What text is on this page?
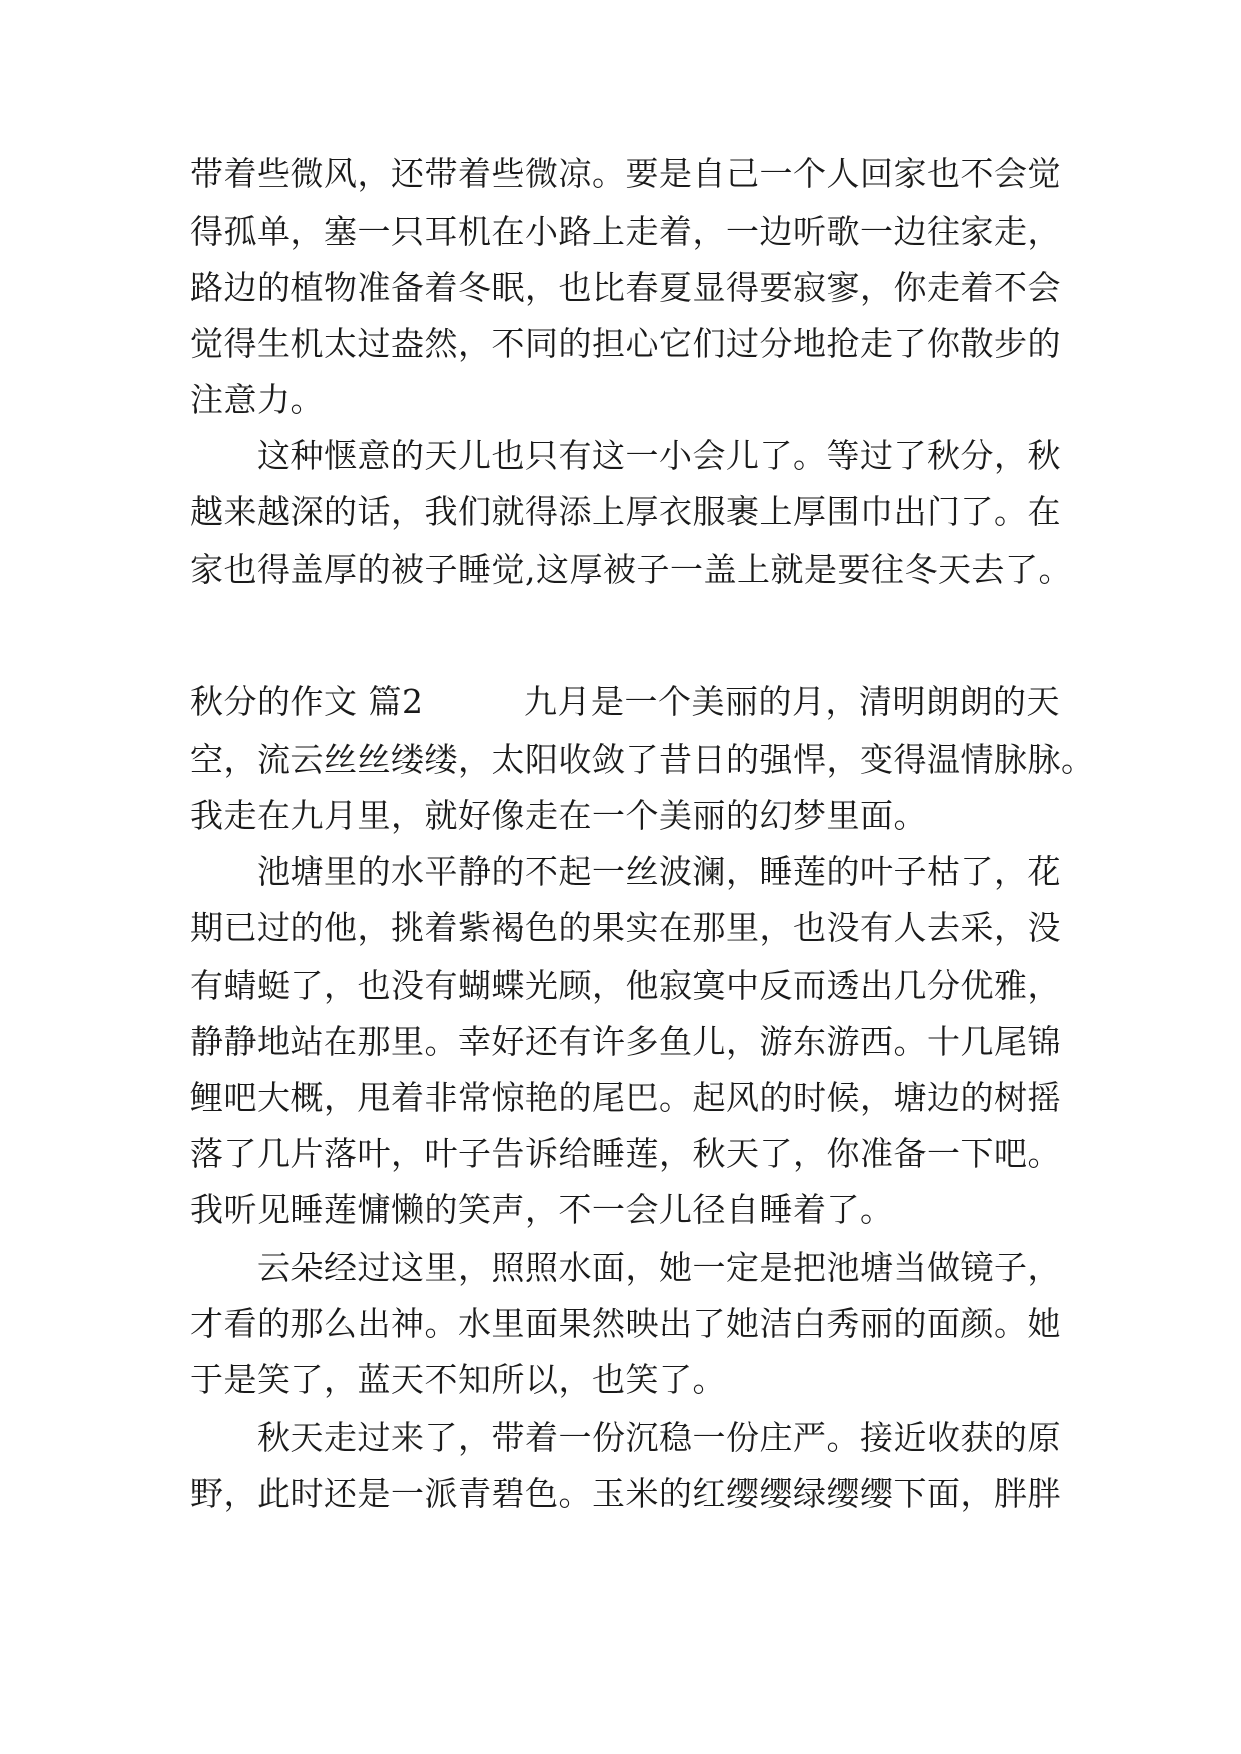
带着些微风，还带着些微凉。要是自己一个人回家也不会觉
得孤单，塞一只耳机在小路上走着，一边听歌一边往家走，
路边的植物准备着冬眠，也比春夏显得要寂寥，你走着不会
觉得生机太过盎然，不同的担心它们过分地抢走了你散步的
注意力。
　　这种惬意的天儿也只有这一小会儿了。等过了秋分，秋
越来越深的话，我们就得添上厚衣服裹上厚围巾出门了。在
家也得盖厚的被子睡觉,这厚被子一盖上就是要往冬天去了。
秋分的作文 篇2　　　九月是一个美丽的月，清明朗朗的天
空，流云丝丝缕缕，太阳收敛了昔日的强悍，变得温情脉脉。
我走在九月里，就好像走在一个美丽的幻梦里面。
　　池塘里的水平静的不起一丝波澜，睡莲的叶子枯了，花
期已过的他，挑着紫褐色的果实在那里，也没有人去采，没
有蜻蜓了，也没有蝴蝶光顾，他寂寞中反而透出几分优雅，
静静地站在那里。幸好还有许多鱼儿，游东游西。十几尾锦
鲤吧大概，甩着非常惊艳的尾巴。起风的时候，塘边的树摇
落了几片落叶，叶子告诉给睡莲，秋天了，你准备一下吧。
我听见睡莲慵懒的笑声，不一会儿径自睡着了。
　　云朵经过这里，照照水面，她一定是把池塘当做镜子，
才看的那么出神。水里面果然映出了她洁白秀丽的面颜。她
于是笑了，蓝天不知所以，也笑了。
　　秋天走过来了，带着一份沉稳一份庄严。接近收获的原
野，此时还是一派青碧色。玉米的红缨缨绿缨缨下面，胖胖
